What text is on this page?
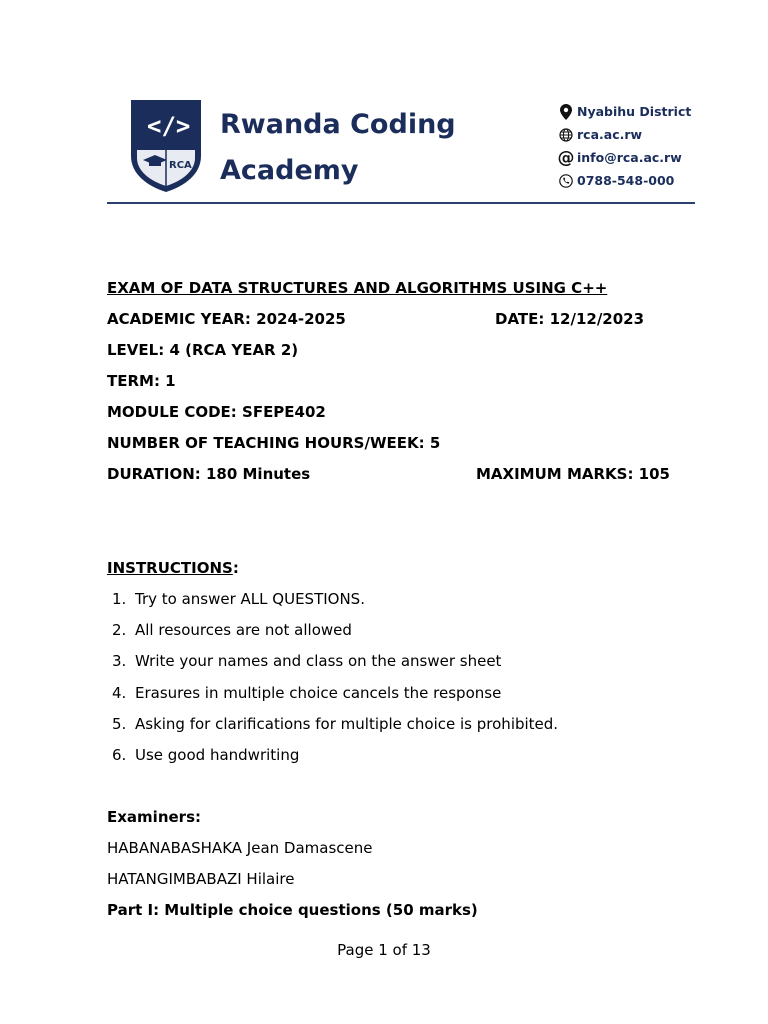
</>
RCA
Rwanda Coding
Academy
Nyabihu District
rca.ac.rw
@ info@rca.ac.rw
0788-548-000
EXAM OF DATA STRUCTURES AND ALGORITHMS USING C++
ACADEMIC YEAR: 2024-2025	DATE: 12/12/2023
LEVEL: 4 (RCA YEAR 2)
TERM: 1
MODULE CODE: SFEPE402
NUMBER OF TEACHING HOURS/WEEK: 5
DURATION: 180 Minutes	MAXIMUM MARKS: 105
INSTRUCTIONS:
1. Try to answer ALL QUESTIONS.
2. All resources are not allowed
3. Write your names and class on the answer sheet
4. Erasures in multiple choice cancels the response
5. Asking for clarifications for multiple choice is prohibited.
6. Use good handwriting
Examiners:
HABANABASHAKA Jean Damascene
HATANGIMBABAZI Hilaire
Part I: Multiple choice questions (50 marks)
Page 1 of 13
